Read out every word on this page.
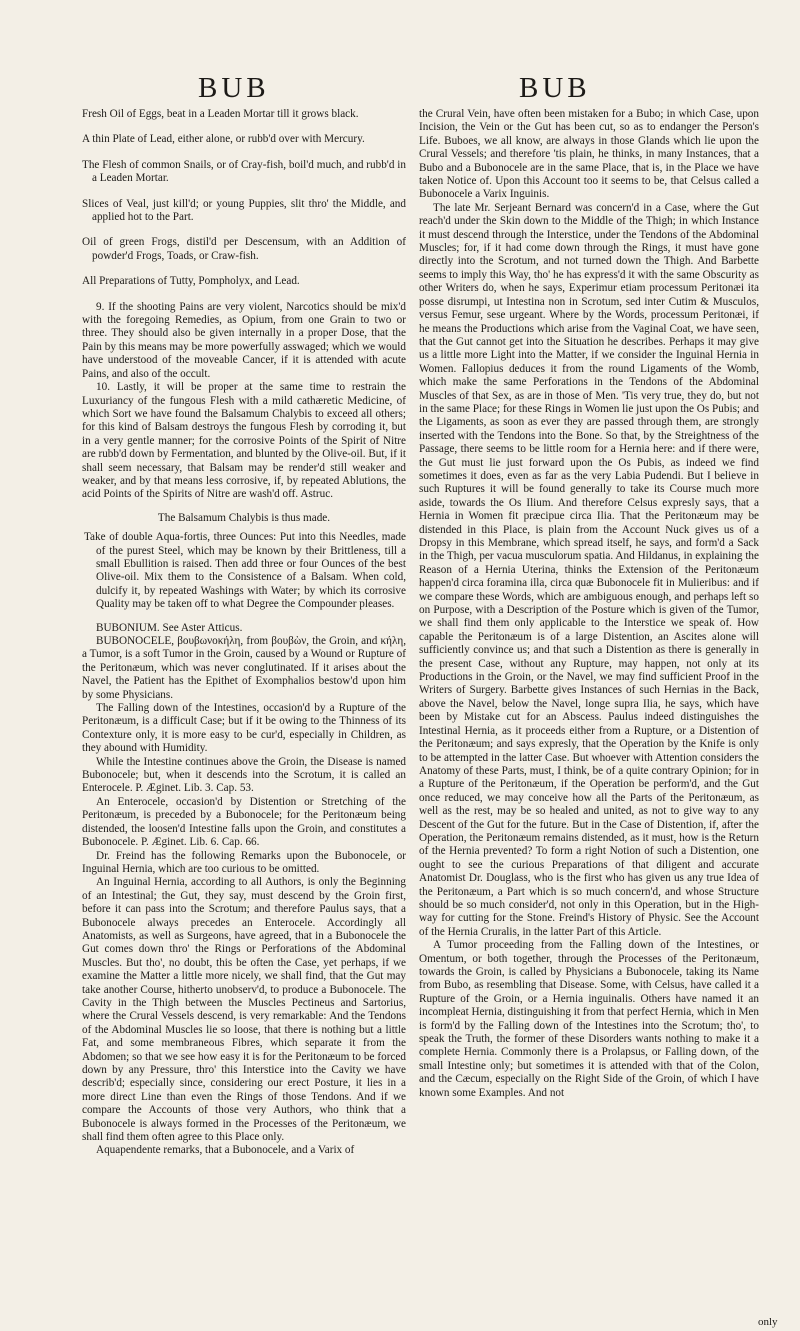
BUB	BUB

Fresh Oil of Eggs, beat in a Leaden Mortar till it grows black.

A thin Plate of Lead, either alone, or rubb'd over with Mercury.

The Flesh of common Snails, or of Cray-fish, boil'd much, and rubb'd in a Leaden Mortar.

Slices of Veal, just kill'd; or young Puppies, slit thro' the Middle, and applied hot to the Part.

Oil of green Frogs, distil'd per Descensum, with an Addition of powder'd Frogs, Toads, or Craw-fish.

All Preparations of Tutty, Pompholyx, and Lead.

9. If the shooting Pains are very violent, Narcotics should be mix'd with the foregoing Remedies, as Opium, from one Grain to two or three. They should also be given internally in a proper Dose, that the Pain by this means may be more powerfully asswaged; which we would have understood of the moveable Cancer, if it is attended with acute Pains, and also of the occult.

10. Lastly, it will be proper at the same time to restrain the Luxuriancy of the fungous Flesh with a mild cathæretic Medicine, of which Sort we have found the Balsamum Chalybis to exceed all others; for this kind of Balsam destroys the fungous Flesh by corroding it, but in a very gentle manner; for the corrosive Points of the Spirit of Nitre are rubb'd down by Fermentation, and blunted by the Olive-oil. But, if it shall seem necessary, that Balsam may be render'd still weaker and weaker, and by that means less corrosive, if, by repeated Ablutions, the acid Points of the Spirits of Nitre are wash'd off. Astruc.

The Balsamum Chalybis is thus made.

Take of double Aqua-fortis, three Ounces: Put into this Needles, made of the purest Steel, which may be known by their Brittleness, till a small Ebullition is raised. Then add three or four Ounces of the best Olive-oil. Mix them to the Consistence of a Balsam. When cold, dulcify it, by repeated Washings with Water; by which its corrosive Quality may be taken off to what Degree the Compounder pleases.

BUBONIUM. See Aster Atticus.

BUBONOCELE, βουβωνοκήλη, from βουβὼν, the Groin, and κήλη, a Tumor, is a soft Tumor in the Groin, caused by a Wound or Rupture of the Peritonæum, which was never conglutinated. If it arises about the Navel, the Patient has the Epithet of Exomphalios bestow'd upon him by some Physicians.

The Falling down of the Intestines, occasion'd by a Rupture of the Peritonæum, is a difficult Case; but if it be owing to the Thinness of its Contexture only, it is more easy to be cur'd, especially in Children, as they abound with Humidity.

While the Intestine continues above the Groin, the Disease is named Bubonocele; but, when it descends into the Scrotum, it is called an Enterocele. P. Æginet. Lib. 3. Cap. 53.

An Enterocele, occasion'd by Distention or Stretching of the Peritonæum, is preceded by a Bubonocele; for the Peritonæum being distended, the loosen'd Intestine falls upon the Groin, and constitutes a Bubonocele. P. Æginet. Lib. 6. Cap. 66.

Dr. Freind has the following Remarks upon the Bubonocele, or Inguinal Hernia, which are too curious to be omitted.

An Inguinal Hernia, according to all Authors, is only the Beginning of an Intestinal; the Gut, they say, must descend by the Groin first, before it can pass into the Scrotum; and therefore Paulus says, that a Bubonocele always precedes an Enterocele. Accordingly all Anatomists, as well as Surgeons, have agreed, that in a Bubonocele the Gut comes down thro' the Rings or Perforations of the Abdominal Muscles. But tho', no doubt, this be often the Case, yet perhaps, if we examine the Matter a little more nicely, we shall find, that the Gut may take another Course, hitherto unobserv'd, to produce a Bubonocele. The Cavity in the Thigh between the Muscles Pectineus and Sartorius, where the Crural Vessels descend, is very remarkable: And the Tendons of the Abdominal Muscles lie so loose, that there is nothing but a little Fat, and some membraneous Fibres, which separate it from the Abdomen; so that we see how easy it is for the Peritonæum to be forced down by any Pressure, thro' this Interstice into the Cavity we have describ'd; especially since, considering our erect Posture, it lies in a more direct Line than even the Rings of those Tendons. And if we compare the Accounts of those very Authors, who think that a Bubonocele is always formed in the Processes of the Peritonæum, we shall find them often agree to this Place only.

Aquapendente remarks, that a Bubonocele, and a Varix of

the Crural Vein, have often been mistaken for a Bubo; in which Case, upon Incision, the Vein or the Gut has been cut, so as to endanger the Person's Life. Buboes, we all know, are always in those Glands which lie upon the Crural Vessels; and therefore 'tis plain, he thinks, in many Instances, that a Bubo and a Bubonocele are in the same Place, that is, in the Place we have taken Notice of. Upon this Account too it seems to be, that Celsus called a Bubonocele a Varix Inguinis.

The late Mr. Serjeant Bernard was concern'd in a Case, where the Gut reach'd under the Skin down to the Middle of the Thigh; in which Instance it must descend through the Interstice, under the Tendons of the Abdominal Muscles; for, if it had come down through the Rings, it must have gone directly into the Scrotum, and not turned down the Thigh. And Barbette seems to imply this Way, tho' he has express'd it with the same Obscurity as other Writers do, when he says, Experimur etiam processum Peritonæi ita posse disrumpi, ut Intestina non in Scrotum, sed inter Cutim & Musculos, versus Femur, sese urgeant. Where by the Words, processum Peritonæi, if he means the Productions which arise from the Vaginal Coat, we have seen, that the Gut cannot get into the Situation he describes. Perhaps it may give us a little more Light into the Matter, if we consider the Inguinal Hernia in Women. Fallopius deduces it from the round Ligaments of the Womb, which make the same Perforations in the Tendons of the Abdominal Muscles of that Sex, as are in those of Men. 'Tis very true, they do, but not in the same Place; for these Rings in Women lie just upon the Os Pubis; and the Ligaments, as soon as ever they are passed through them, are strongly inserted with the Tendons into the Bone. So that, by the Streightness of the Passage, there seems to be little room for a Hernia here: and if there were, the Gut must lie just forward upon the Os Pubis, as indeed we find sometimes it does, even as far as the very Labia Pudendi. But I believe in such Ruptures it will be found generally to take its Course much more aside, towards the Os Ilium. And therefore Celsus expresly says, that a Hernia in Women fit præcipue circa Ilia. That the Peritonæum may be distended in this Place, is plain from the Account Nuck gives us of a Dropsy in this Membrane, which spread itself, he says, and form'd a Sack in the Thigh, per vacua musculorum spatia. And Hildanus, in explaining the Reason of a Hernia Uterina, thinks the Extension of the Peritonæum happen'd circa foramina illa, circa quæ Bubonocele fit in Mulieribus: and if we compare these Words, which are ambiguous enough, and perhaps left so on Purpose, with a Description of the Posture which is given of the Tumor, we shall find them only applicable to the Interstice we speak of. How capable the Peritonæum is of a large Distention, an Ascites alone will sufficiently convince us; and that such a Distention as there is generally in the present Case, without any Rupture, may happen, not only at its Productions in the Groin, or the Navel, we may find sufficient Proof in the Writers of Surgery. Barbette gives Instances of such Hernias in the Back, above the Navel, below the Navel, longe supra Ilia, he says, which have been by Mistake cut for an Abscess. Paulus indeed distinguishes the Intestinal Hernia, as it proceeds either from a Rupture, or a Distention of the Peritonæum; and says expresly, that the Operation by the Knife is only to be attempted in the latter Case. But whoever with Attention considers the Anatomy of these Parts, must, I think, be of a quite contrary Opinion; for in a Rupture of the Peritonæum, if the Operation be perform'd, and the Gut once reduced, we may conceive how all the Parts of the Peritonæum, as well as the rest, may be so healed and united, as not to give way to any Descent of the Gut for the future. But in the Case of Distention, if, after the Operation, the Peritonæum remains distended, as it must, how is the Return of the Hernia prevented? To form a right Notion of such a Distention, one ought to see the curious Preparations of that diligent and accurate Anatomist Dr. Douglass, who is the first who has given us any true Idea of the Peritonæum, a Part which is so much concern'd, and whose Structure should be so much consider'd, not only in this Operation, but in the High-way for cutting for the Stone. Freind's History of Physic. See the Account of the Hernia Cruralis, in the latter Part of this Article.

A Tumor proceeding from the Falling down of the Intestines, or Omentum, or both together, through the Processes of the Peritonæum, towards the Groin, is called by Physicians a Bubonocele, taking its Name from Bubo, as resembling that Disease. Some, with Celsus, have called it a Rupture of the Groin, or a Hernia inguinalis. Others have named it an incompleat Hernia, distinguishing it from that perfect Hernia, which in Men is form'd by the Falling down of the Intestines into the Scrotum; tho', to speak the Truth, the former of these Disorders wants nothing to make it a complete Hernia. Commonly there is a Prolapsus, or Falling down, of the small Intestine only; but sometimes it is attended with that of the Colon, and the Cæcum, especially on the Right Side of the Groin, of which I have known some Examples. And not

only
